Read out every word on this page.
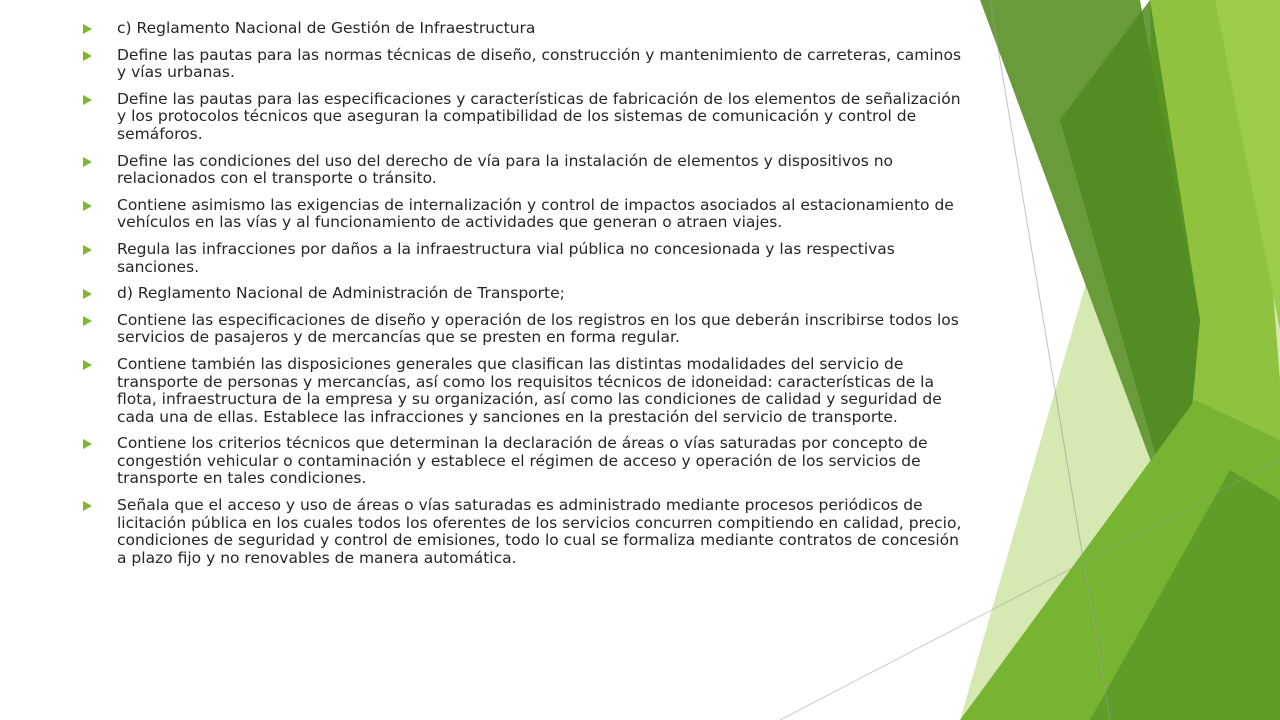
c) Reglamento Nacional de Gestión de Infraestructura
Define las pautas para las normas técnicas de diseño, construcción y mantenimiento de carreteras, caminos y vías urbanas.
Define las pautas para las especificaciones y características de fabricación de los elementos de señalización y los protocolos técnicos que aseguran la compatibilidad de los sistemas de comunicación y control de semáforos.
Define las condiciones del uso del derecho de vía para la instalación de elementos y dispositivos no relacionados con el transporte o tránsito.
Contiene asimismo las exigencias de internalización y control de impactos asociados al estacionamiento de vehículos en las vías y al funcionamiento de actividades que generan o atraen viajes.
Regula las infracciones por daños a la infraestructura vial pública no concesionada y las respectivas sanciones.
d) Reglamento Nacional de Administración de Transporte;
Contiene las especificaciones de diseño y operación de los registros en los que deberán inscribirse todos los servicios de pasajeros y de mercancías que se presten en forma regular.
Contiene también las disposiciones generales que clasifican las distintas modalidades del servicio de transporte de personas y mercancías, así como los requisitos técnicos de idoneidad: características de la flota, infraestructura de la empresa y su organización, así como las condiciones de calidad y seguridad de cada una de ellas. Establece las infracciones y sanciones en la prestación del servicio de transporte.
Contiene los criterios técnicos que determinan la declaración de áreas o vías saturadas por concepto de congestión vehicular o contaminación y establece el régimen de acceso y operación de los servicios de transporte en tales condiciones.
Señala que el acceso y uso de áreas o vías saturadas es administrado mediante procesos periódicos de licitación pública en los cuales todos los oferentes de los servicios concurren compitiendo en calidad, precio, condiciones de seguridad y control de emisiones, todo lo cual se formaliza mediante contratos de concesión a plazo fijo y no renovables de manera automática.
